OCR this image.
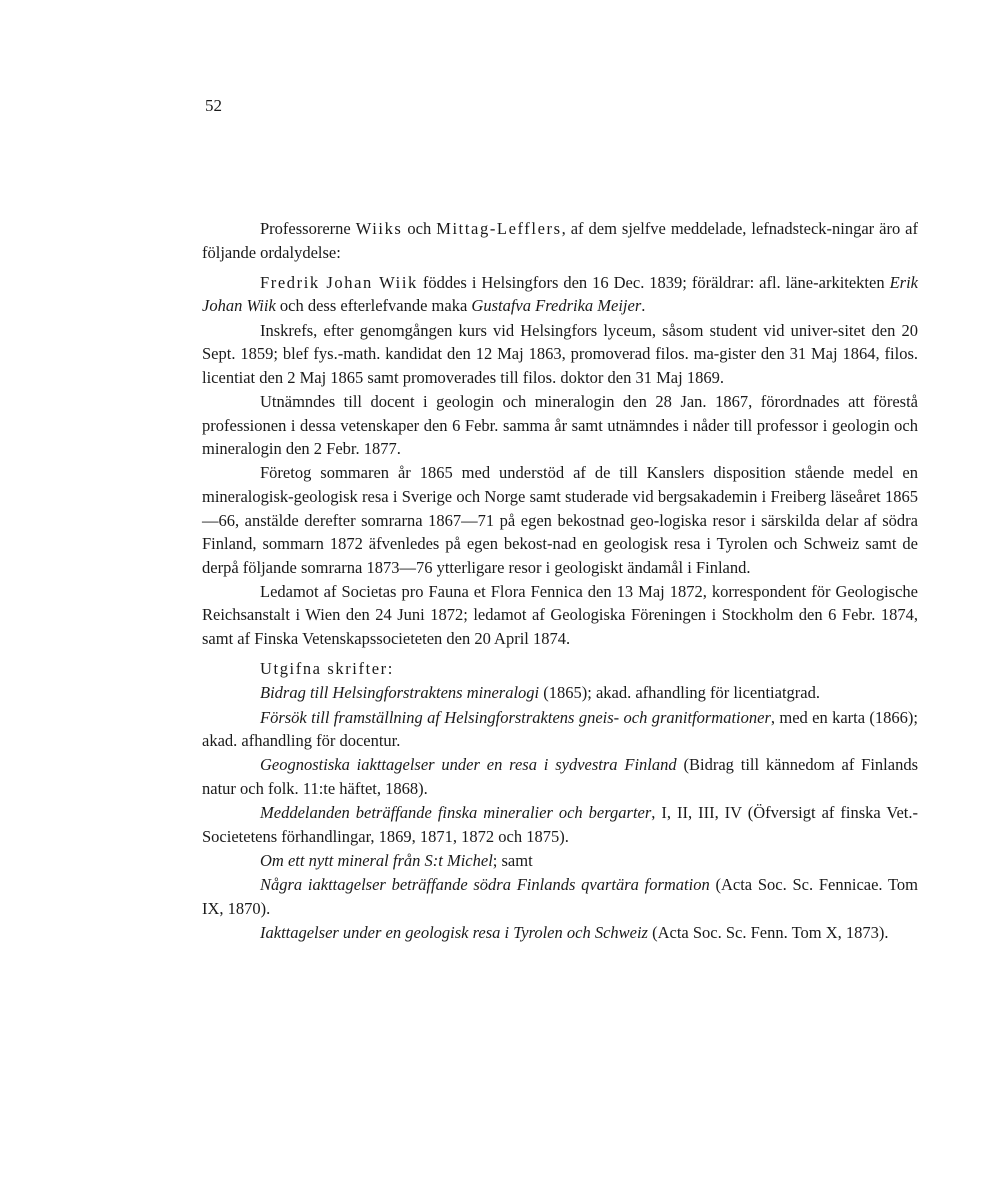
52

Professorerne Wiiks och Mittag-Lefflers, af dem sjelfve meddelade, lefnadsteck-ningar äro af följande ordalydelse:

Fredrik Johan Wiik föddes i Helsingfors den 16 Dec. 1839; föräldrar: afl. läne-arkitekten Erik Johan Wiik och dess efterlefvande maka Gustafva Fredrika Meijer.

Inskrefs, efter genomgången kurs vid Helsingfors lyceum, såsom student vid univer-sitet den 20 Sept. 1859; blef fys.-math. kandidat den 12 Maj 1863, promoverad filos. ma-gister den 31 Maj 1864, filos. licentiat den 2 Maj 1865 samt promoverades till filos. doktor den 31 Maj 1869.

Utnämndes till docent i geologin och mineralogin den 28 Jan. 1867, förordnades att förestå professionen i dessa vetenskaper den 6 Febr. samma år samt utnämndes i nåder till professor i geologin och mineralogin den 2 Febr. 1877.

Företog sommaren år 1865 med understöd af de till Kanslers disposition stående medel en mineralogisk-geologisk resa i Sverige och Norge samt studerade vid bergsakademin i Freiberg läseåret 1865—66, anstälde derefter somrarna 1867—71 på egen bekostnad geo-logiska resor i särskilda delar af södra Finland, sommarn 1872 äfvenledes på egen bekost-nad en geologisk resa i Tyrolen och Schweiz samt de derpå följande somrarna 1873—76 ytterligare resor i geologiskt ändamål i Finland.

Ledamot af Societas pro Fauna et Flora Fennica den 13 Maj 1872, korrespondent för Geologische Reichsanstalt i Wien den 24 Juni 1872; ledamot af Geologiska Föreningen i Stockholm den 6 Febr. 1874, samt af Finska Vetenskapssocieteten den 20 April 1874.

Utgifna skrifter:

Bidrag till Helsingforstraktens mineralogi (1865); akad. afhandling för licentiatgrad.

Försök till framställning af Helsingforstraktens gneis- och granitformationer, med en karta (1866); akad. afhandling för docentur.

Geognostiska iakttagelser under en resa i sydvestra Finland (Bidrag till kännedom af Finlands natur och folk. 11:te häftet, 1868).

Meddelanden beträffande finska mineralier och bergarter, I, II, III, IV (Öfversigt af finska Vet.-Societetens förhandlingar, 1869, 1871, 1872 och 1875).

Om ett nytt mineral från S:t Michel; samt

Några iakttagelser beträffande södra Finlands qvartära formation (Acta Soc. Sc. Fennicae. Tom IX, 1870).

Iakttagelser under en geologisk resa i Tyrolen och Schweiz (Acta Soc. Sc. Fenn. Tom X, 1873).
